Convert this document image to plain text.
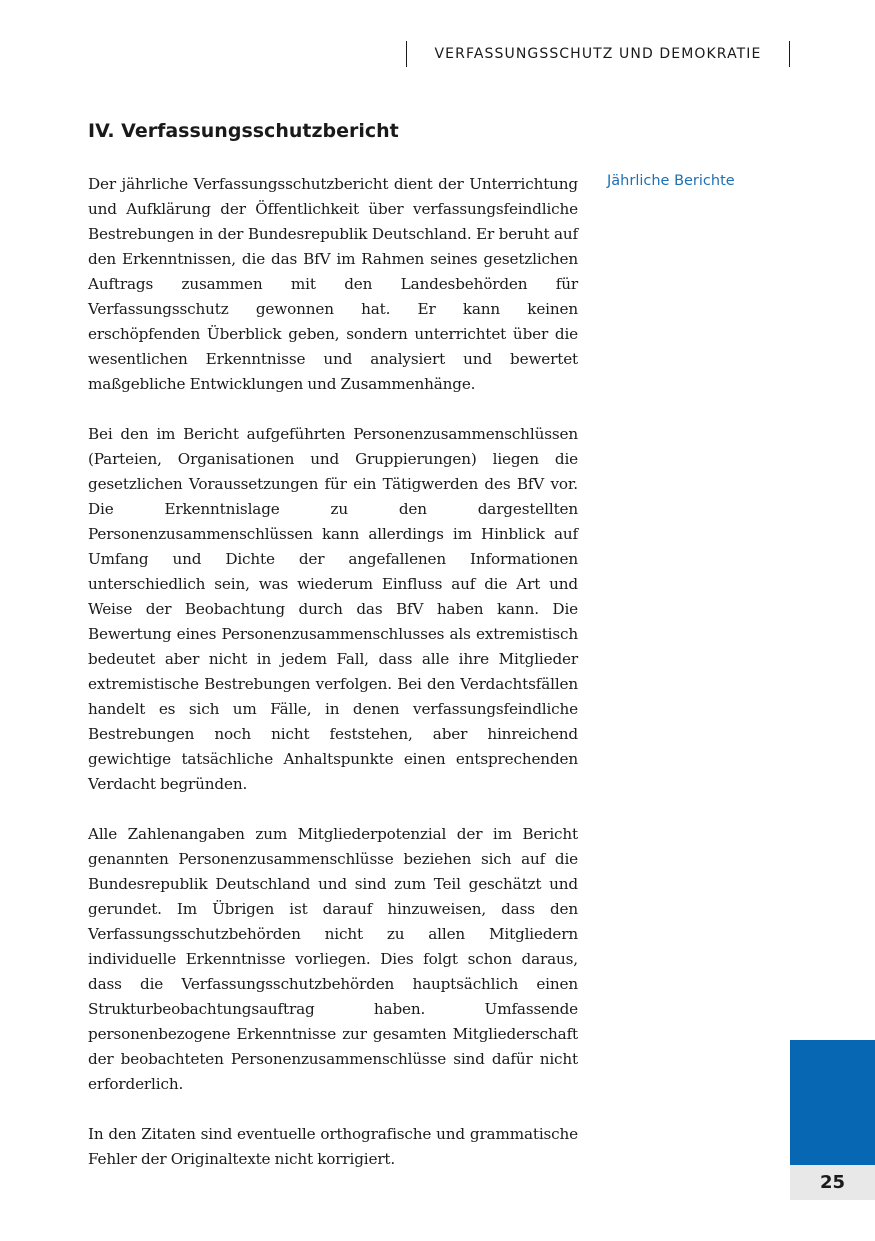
VERFASSUNGSSCHUTZ UND DEMOKRATIE
IV. Verfassungsschutzbericht

Der jährliche Verfassungsschutzbericht dient der Unterrichtung und Aufklärung der Öffentlichkeit über verfassungsfeindliche Bestrebungen in der Bundesrepublik Deutschland. Er beruht auf den Erkenntnissen, die das BfV im Rahmen seines gesetzlichen Auftrags zusammen mit den Landesbehörden für Verfassungsschutz gewonnen hat. Er kann keinen erschöpfenden Überblick geben, sondern unterrichtet über die wesentlichen Erkenntnisse und analysiert und bewertet maßgebliche Entwicklungen und Zusammenhänge.

Bei den im Bericht aufgeführten Personenzusammenschlüssen (Parteien, Organisationen und Gruppierungen) liegen die gesetzlichen Voraussetzungen für ein Tätigwerden des BfV vor. Die Erkenntnislage zu den dargestellten Personenzusammenschlüssen kann allerdings im Hinblick auf Umfang und Dichte der angefallenen Informationen unterschiedlich sein, was wiederum Einfluss auf die Art und Weise der Beobachtung durch das BfV haben kann. Die Bewertung eines Personenzusammenschlusses als extremistisch bedeutet aber nicht in jedem Fall, dass alle ihre Mitglieder extremistische Bestrebungen verfolgen. Bei den Verdachtsfällen handelt es sich um Fälle, in denen verfassungsfeindliche Bestrebungen noch nicht feststehen, aber hinreichend gewichtige tatsächliche Anhaltspunkte einen entsprechenden Verdacht begründen.

Alle Zahlenangaben zum Mitgliederpotenzial der im Bericht genannten Personenzusammenschlüsse beziehen sich auf die Bundesrepublik Deutschland und sind zum Teil geschätzt und gerundet. Im Übrigen ist darauf hinzuweisen, dass den Verfassungsschutzbehörden nicht zu allen Mitgliedern individuelle Erkenntnisse vorliegen. Dies folgt schon daraus, dass die Verfassungsschutzbehörden hauptsächlich einen Strukturbeobachtungsauftrag haben. Umfassende personenbezogene Erkenntnisse zur gesamten Mitgliederschaft der beobachteten Personenzusammenschlüsse sind dafür nicht erforderlich.

In den Zitaten sind eventuelle orthografische und grammatische Fehler der Originaltexte nicht korrigiert.

Jährliche Berichte
25
